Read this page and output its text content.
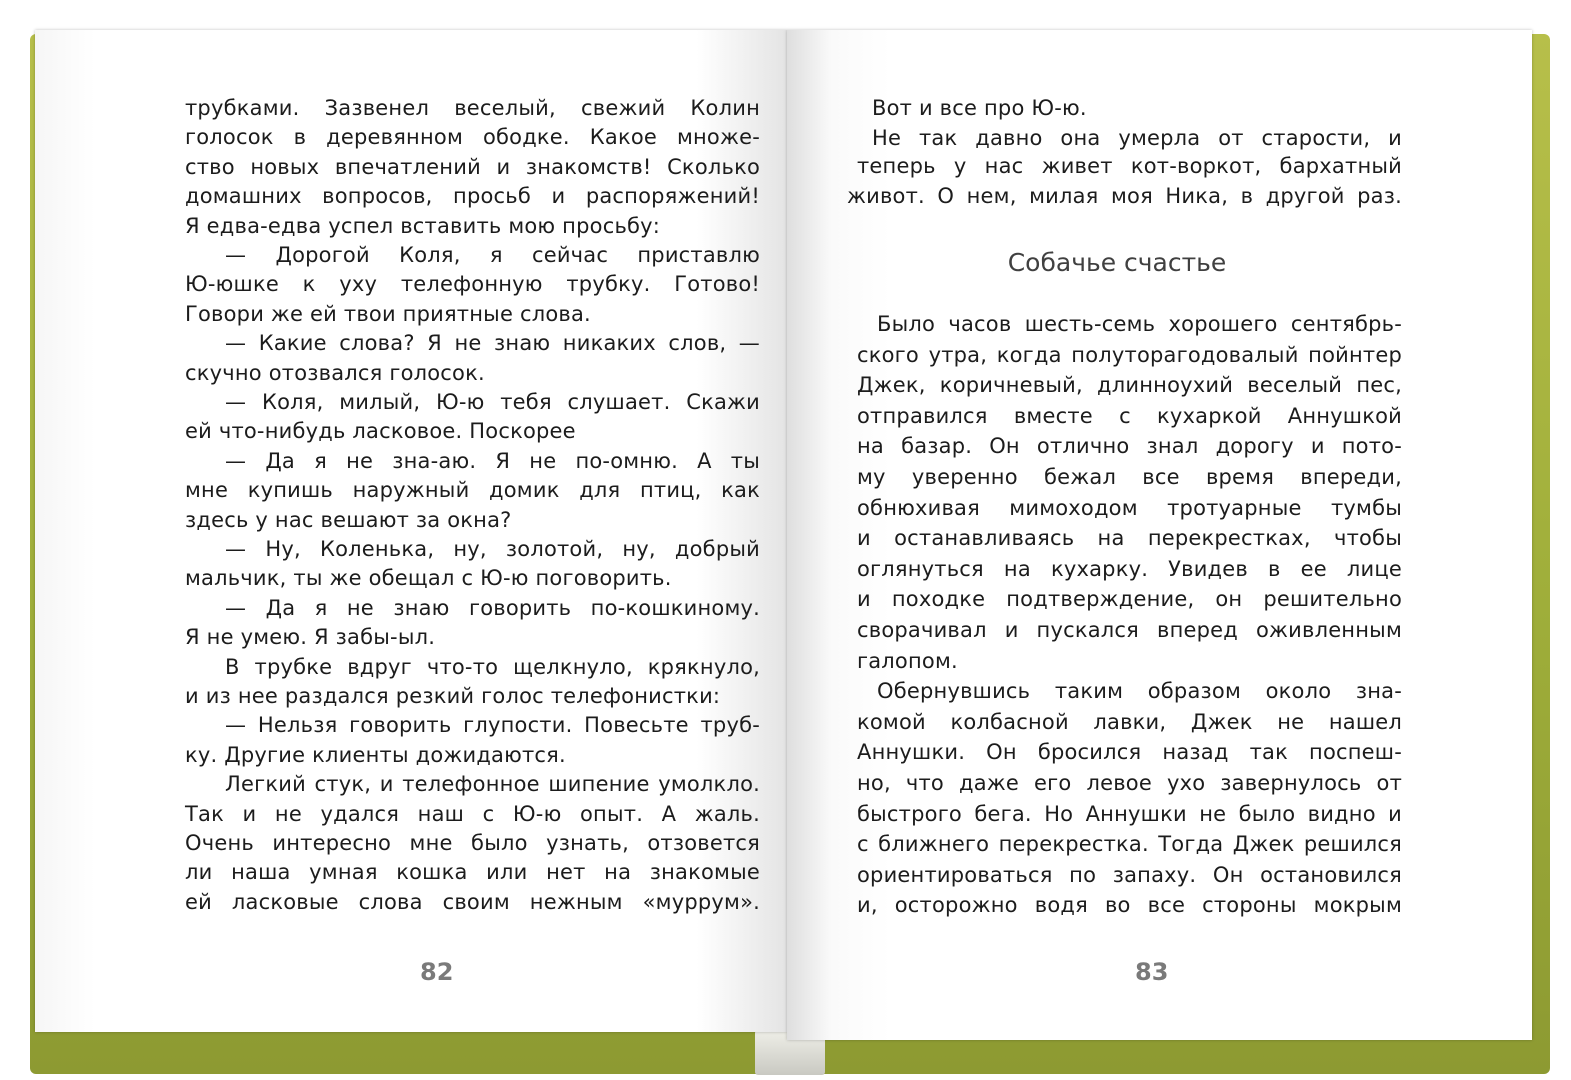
82
трубками. Зазвенел веселый, свежий Колин
голосок в деревянном ободке. Какое множе-
ство новых впечатлений и знакомств! Сколько
домашних вопросов, просьб и распоряжений!
Я едва-едва успел вставить мою просьбу:
— Дорогой Коля, я сейчас приставлю
Ю-юшке к уху телефонную трубку. Готово!
Говори же ей твои приятные слова.
— Какие слова? Я не знаю никаких слов, —
скучно отозвался голосок.
— Коля, милый, Ю-ю тебя слушает. Скажи
ей что-нибудь ласковое. Поскорее
— Да я не зна-аю. Я не по-омню. А ты
мне купишь наружный домик для птиц, как
здесь у нас вешают за окна?
— Ну, Коленька, ну, золотой, ну, добрый
мальчик, ты же обещал с Ю-ю поговорить.
— Да я не знаю говорить по-кошкиному.
Я не умею. Я забы-ыл.
В трубке вдруг что-то щелкнуло, крякнуло,
и из нее раздался резкий голос телефонистки:
— Нельзя говорить глупости. Повесьте труб-
ку. Другие клиенты дожидаются.
Легкий стук, и телефонное шипение умолкло.
Так и не удался наш с Ю-ю опыт. А жаль.
Очень интересно мне было узнать, отзовется
ли наша умная кошка или нет на знакомые
ей ласковые слова своим нежным «муррум».
Собачье счастье
83
Вот и все про Ю-ю.
Не так давно она умерла от старости, и
теперь у нас живет кот-воркот, бархатный
живот. О нем, милая моя Ника, в другой раз.
Было часов шесть-семь хорошего сентябрь-
ского утра, когда полуторагодовалый пойнтер
Джек, коричневый, длинноухий веселый пес,
отправился вместе с кухаркой Аннушкой
на базар. Он отлично знал дорогу и пото-
му уверенно бежал все время впереди,
обнюхивая мимоходом тротуарные тумбы
и останавливаясь на перекрестках, чтобы
оглянуться на кухарку. Увидев в ее лице
и походке подтверждение, он решительно
сворачивал и пускался вперед оживленным
галопом.
Обернувшись таким образом около зна-
комой колбасной лавки, Джек не нашел
Аннушки. Он бросился назад так поспеш-
но, что даже его левое ухо завернулось от
быстрого бега. Но Аннушки не было видно и
с ближнего перекрестка. Тогда Джек решился
ориентироваться по запаху. Он остановился
и, осторожно водя во все стороны мокрым
